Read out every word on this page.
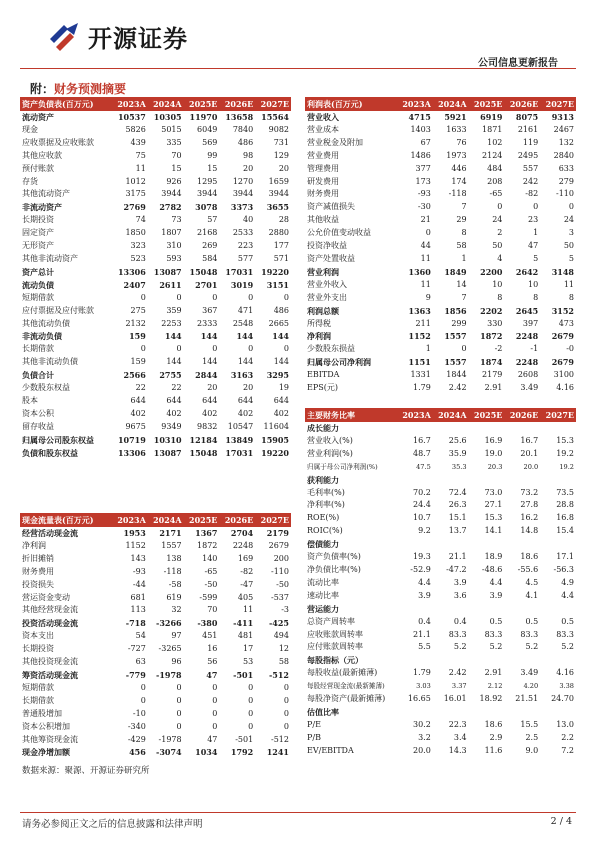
开源证券
公司信息更新报告
附：财务预测摘要
资产负债表(百万元)	2023A	2024A	2025E	2026E	2027E
流动资产	10537	10305	11970	13658	15564
现金	5826	5015	6049	7840	9082
应收票据及应收账款	439	335	569	486	731
其他应收款	75	70	99	98	129
预付账款	11	15	15	20	20
存货	1012	926	1295	1270	1659
其他流动资产	3175	3944	3944	3944	3944
非流动资产	2769	2782	3078	3373	3655
长期投资	74	73	57	40	28
固定资产	1850	1807	2168	2533	2880
无形资产	323	310	269	223	177
其他非流动资产	523	593	584	577	571
资产总计	13306	13087	15048	17031	19220
流动负债	2407	2611	2701	3019	3151
短期借款	0	0	0	0	0
应付票据及应付账款	275	359	367	471	486
其他流动负债	2132	2253	2333	2548	2665
非流动负债	159	144	144	144	144
长期借款	0	0	0	0	0
其他非流动负债	159	144	144	144	144
负债合计	2566	2755	2844	3163	3295
少数股东权益	22	22	20	20	19
股本	644	644	644	644	644
资本公积	402	402	402	402	402
留存收益	9675	9349	9832	10547	11604
归属母公司股东权益	10719	10310	12184	13849	15905
负债和股东权益	13306	13087	15048	17031	19220
利润表(百万元)	2023A	2024A	2025E	2026E	2027E
营业收入	4715	5921	6919	8075	9313
营业成本	1403	1633	1871	2161	2467
营业税金及附加	67	76	102	119	132
营业费用	1486	1973	2124	2495	2840
管理费用	377	446	484	557	633
研发费用	173	174	208	242	279
财务费用	-93	-118	-65	-82	-110
资产减值损失	-30	7	0	0	0
其他收益	21	29	24	23	24
公允价值变动收益	0	8	2	1	3
投资净收益	44	58	50	47	50
资产处置收益	11	1	4	5	5
营业利润	1360	1849	2200	2642	3148
营业外收入	11	14	10	10	11
营业外支出	9	7	8	8	8
利润总额	1363	1856	2202	2645	3152
所得税	211	299	330	397	473
净利润	1152	1557	1872	2248	2679
少数股东损益	1	0	-2	-1	-0
归属母公司净利润	1151	1557	1874	2248	2679
EBITDA	1331	1844	2179	2608	3100
EPS(元)	1.79	2.42	2.91	3.49	4.16
主要财务比率	2023A	2024A	2025E	2026E	2027E
成长能力					
营业收入(%)	16.7	25.6	16.9	16.7	15.3
营业利润(%)	48.7	35.9	19.0	20.1	19.2
归属于母公司净利润(%)	47.5	35.3	20.3	20.0	19.2
获利能力					
毛利率(%)	70.2	72.4	73.0	73.2	73.5
净利率(%)	24.4	26.3	27.1	27.8	28.8
ROE(%)	10.7	15.1	15.3	16.2	16.8
ROIC(%)	9.2	13.7	14.1	14.8	15.4
偿债能力					
资产负债率(%)	19.3	21.1	18.9	18.6	17.1
净负债比率(%)	-52.9	-47.2	-48.6	-55.6	-56.3
流动比率	4.4	3.9	4.4	4.5	4.9
速动比率	3.9	3.6	3.9	4.1	4.4
营运能力					
总资产周转率	0.4	0.4	0.5	0.5	0.5
应收账款周转率	21.1	83.3	83.3	83.3	83.3
应付账款周转率	5.5	5.2	5.2	5.2	5.2
每股指标（元）					
每股收益(最新摊薄)	1.79	2.42	2.91	3.49	4.16
每股经营现金流(最新摊薄)	3.03	3.37	2.12	4.20	3.38
每股净资产(最新摊薄)	16.65	16.01	18.92	21.51	24.70
估值比率					
P/E	30.2	22.3	18.6	15.5	13.0
P/B	3.2	3.4	2.9	2.5	2.2
EV/EBITDA	20.0	14.3	11.6	9.0	7.2
现金流量表(百万元)	2023A	2024A	2025E	2026E	2027E
经营活动现金流	1953	2171	1367	2704	2179
净利润	1152	1557	1872	2248	2679
折旧摊销	143	138	140	169	200
财务费用	-93	-118	-65	-82	-110
投资损失	-44	-58	-50	-47	-50
营运资金变动	681	619	-599	405	-537
其他经营现金流	113	32	70	11	-3
投资活动现金流	-718	-3266	-380	-411	-425
资本支出	54	97	451	481	494
长期投资	-727	-3265	16	17	12
其他投资现金流	63	96	56	53	58
筹资活动现金流	-779	-1978	47	-501	-512
短期借款	0	0	0	0	0
长期借款	0	0	0	0	0
普通股增加	-10	0	0	0	0
资本公积增加	-340	0	0	0	0
其他筹资现金流	-429	-1978	47	-501	-512
现金净增加额	456	-3074	1034	1792	1241
数据来源：聚源、开源证券研究所
请务必参阅正文之后的信息披露和法律声明	2 / 4
